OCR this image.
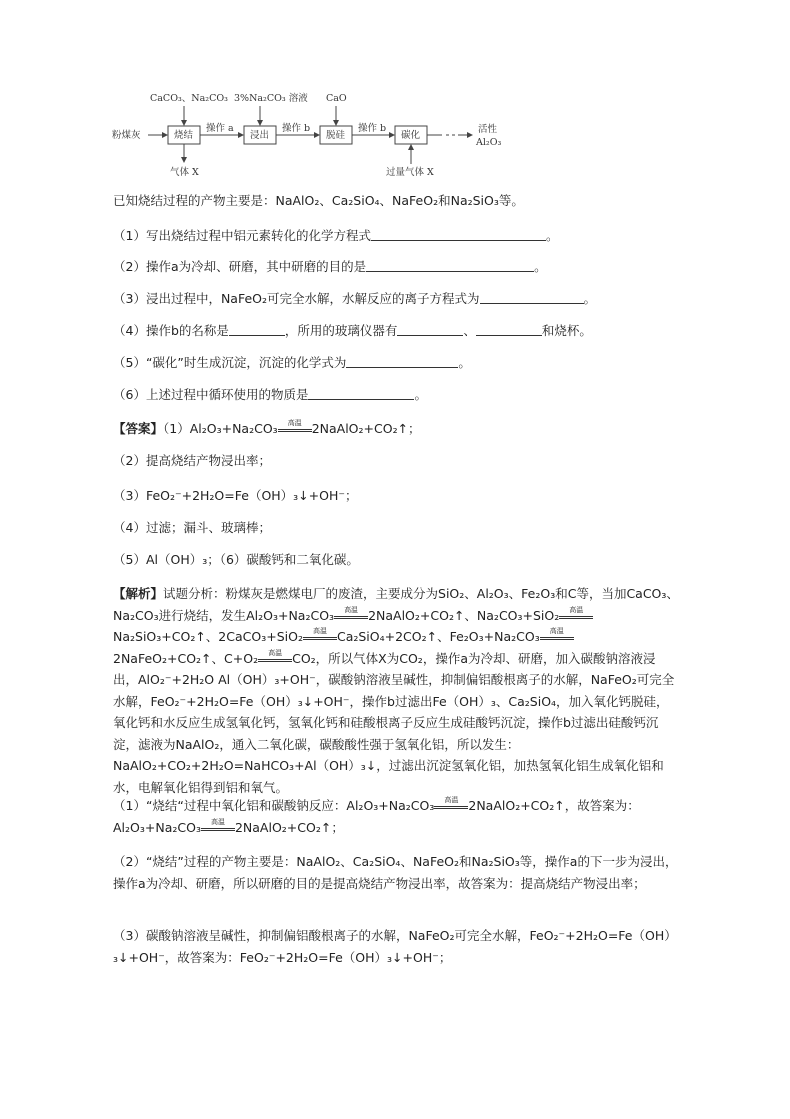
粉煤灰
CaCO₃、Na₂CO₃ 3%Na₂CO₃ 溶液 CaO
烧结	浸出	脱硅	碳化
操作 a	操作 b	操作 b
气体 X	过量气体 X
活性
Al₂O₃
已知烧结过程的产物主要是：NaAlO₂、Ca₂SiO₄、NaFeO₂和Na₂SiO₃等。
（1）写出烧结过程中铝元素转化的化学方程式	。
（2）操作a为冷却、研磨，其中研磨的目的是	。
（3）浸出过程中，NaFeO₂可完全水解，水解反应的离子方程式为	。
（4）操作b的名称是	，所用的玻璃仪器有	、	和烧杯。
（5）“碳化”时生成沉淀，沉淀的化学式为	。
（6）上述过程中循环使用的物质是	。
【答案】（1）Al₂O₃+Na₂CO₃	高温 2NaAlO₂+CO₂↑；
（2）提高烧结产物浸出率；
（3）FeO₂⁻+2H₂O=Fe（OH）₃↓+OH⁻；
（4）过滤；漏斗、玻璃棒；
（5）Al（OH）₃；（6）碳酸钙和二氧化碳。
【解析】试题分析：粉煤灰是燃煤电厂的废渣，主要成分为SiO₂、Al₂O₃、Fe₂O₃和C等，当加CaCO₃、Na₂CO₃进行烧结，发生Al₂O₃+Na₂CO₃	高温 2NaAlO₂+CO₂↑、Na₂CO₃+SiO₂	高温
Na₂SiO₃+CO₂↑、2CaCO₃+SiO₂	高温 Ca₂SiO₄+2CO₂↑、Fe₂O₃+Na₂CO₃	高温
2NaFeO₂+CO₂↑、C+O₂	高温 CO₂，所以气体X为CO₂，操作a为冷却、研磨，加入碳酸钠溶液浸出，AlO₂⁻+2H₂O Al（OH）₃+OH⁻，碳酸钠溶液呈碱性，抑制偏铝酸根离子的水解，NaFeO₂可完全水解，FeO₂⁻+2H₂O=Fe（OH）₃↓+OH⁻，操作b过滤出Fe（OH）₃、Ca₂SiO₄，加入氧化钙脱硅，氧化钙和水反应生成氢氧化钙，氢氧化钙和硅酸根离子反应生成硅酸钙沉淀，操作b过滤出硅酸钙沉淀，滤液为NaAlO₂，通入二氧化碳，碳酸酸性强于氢氧化铝，所以发生：NaAlO₂+CO₂+2H₂O=NaHCO₃+Al（OH）₃↓，过滤出沉淀氢氧化铝，加热氢氧化铝生成氧化铝和水，电解氧化铝得到铝和氧气。
（1）“烧结“过程中氧化铝和碳酸钠反应：Al₂O₃+Na₂CO₃	高温 2NaAlO₂+CO₂↑，故答案为：Al₂O₃+Na₂CO₃	高温 2NaAlO₂+CO₂↑；
（2）“烧结”过程的产物主要是：NaAlO₂、Ca₂SiO₄、NaFeO₂和Na₂SiO₃等，操作a的下一步为浸出，操作a为冷却、研磨，所以研磨的目的是提高烧结产物浸出率，故答案为：提高烧结产物浸出率；
（3）碳酸钠溶液呈碱性，抑制偏铝酸根离子的水解，NaFeO₂可完全水解，FeO₂⁻+2H₂O=Fe（OH）₃↓+OH⁻，故答案为：FeO₂⁻+2H₂O=Fe（OH）₃↓+OH⁻；
